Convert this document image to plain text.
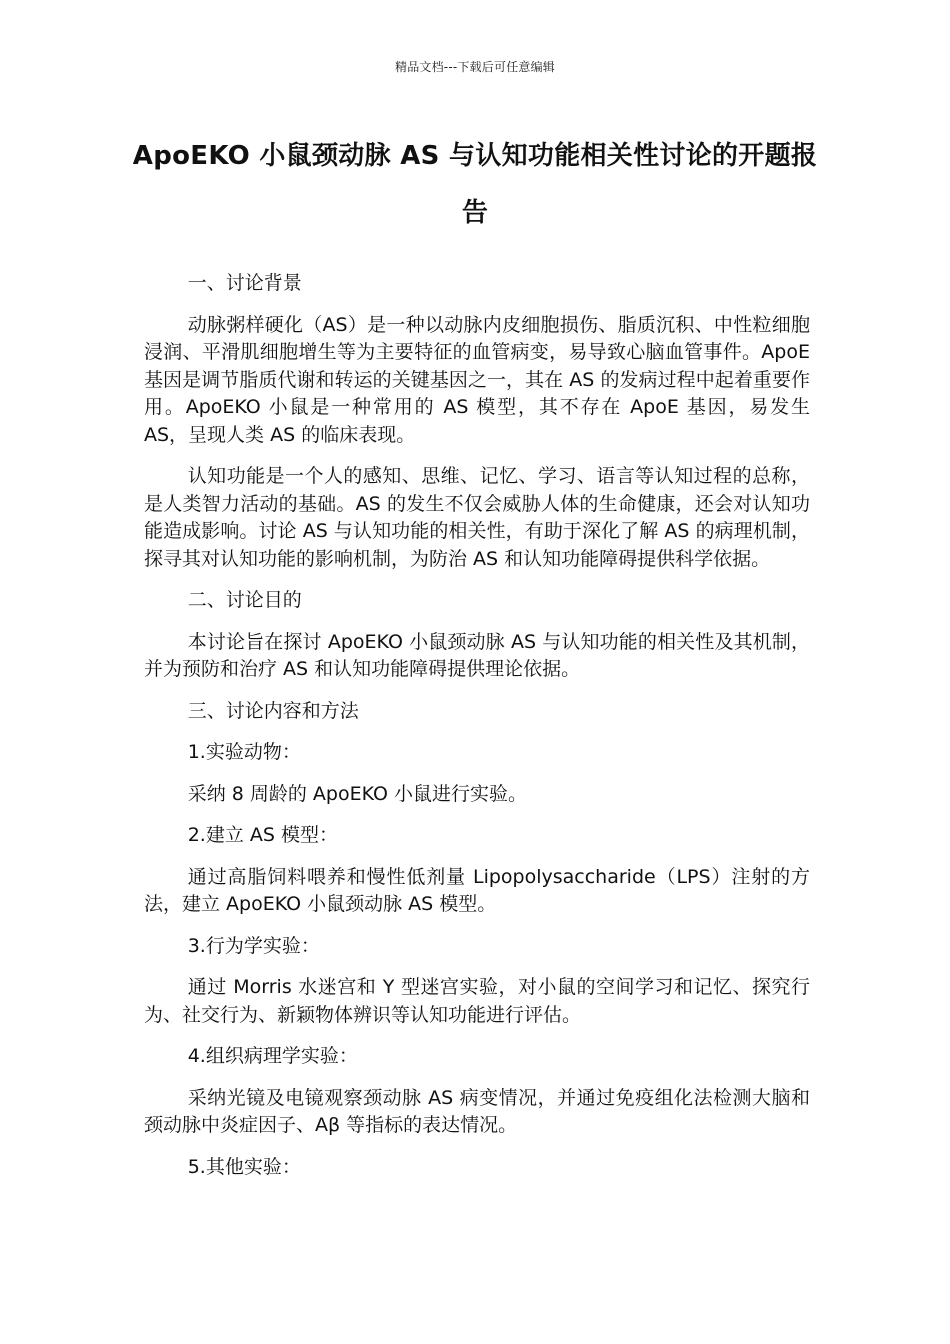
精品文档---下载后可任意编辑
ApoEKO 小鼠颈动脉 AS 与认知功能相关性讨论的开题报告

一、讨论背景

动脉粥样硬化（AS）是一种以动脉内皮细胞损伤、脂质沉积、中性粒细胞浸润、平滑肌细胞增生等为主要特征的血管病变，易导致心脑血管事件。ApoE 基因是调节脂质代谢和转运的关键基因之一，其在 AS 的发病过程中起着重要作用。ApoEKO 小鼠是一种常用的 AS 模型，其不存在 ApoE 基因，易发生 AS，呈现人类 AS 的临床表现。

认知功能是一个人的感知、思维、记忆、学习、语言等认知过程的总称，是人类智力活动的基础。AS 的发生不仅会威胁人体的生命健康，还会对认知功能造成影响。讨论 AS 与认知功能的相关性，有助于深化了解 AS 的病理机制，探寻其对认知功能的影响机制，为防治 AS 和认知功能障碍提供科学依据。

二、讨论目的

本讨论旨在探讨 ApoEKO 小鼠颈动脉 AS 与认知功能的相关性及其机制，并为预防和治疗 AS 和认知功能障碍提供理论依据。

三、讨论内容和方法

1.实验动物：

采纳 8 周龄的 ApoEKO 小鼠进行实验。

2.建立 AS 模型：

通过高脂饲料喂养和慢性低剂量 Lipopolysaccharide（LPS）注射的方法，建立 ApoEKO 小鼠颈动脉 AS 模型。

3.行为学实验：

通过 Morris 水迷宫和 Y 型迷宫实验，对小鼠的空间学习和记忆、探究行为、社交行为、新颖物体辨识等认知功能进行评估。

4.组织病理学实验：

采纳光镜及电镜观察颈动脉 AS 病变情况，并通过免疫组化法检测大脑和颈动脉中炎症因子、Aβ 等指标的表达情况。

5.其他实验：
